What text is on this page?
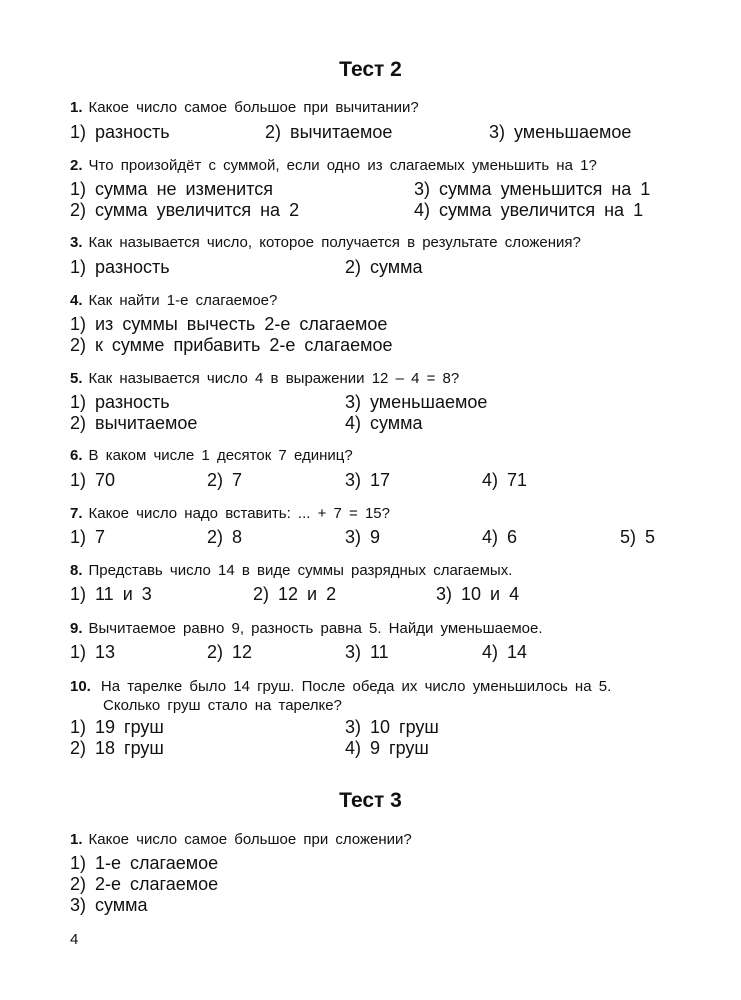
Тест 2
1. Какое число самое большое при вычитании?
1) разность	2) вычитаемое	3) уменьшаемое
2. Что произойдёт с суммой, если одно из слагаемых уменьшить на 1?
1) сумма не изменится	3) сумма уменьшится на 1
2) сумма увеличится на 2	4) сумма увеличится на 1
3. Как называется число, которое получается в результате сложения?
1) разность	2) сумма
4. Как найти 1-е слагаемое?
1) из суммы вычесть 2-е слагаемое
2) к сумме прибавить 2-е слагаемое
5. Как называется число 4 в выражении 12 – 4 = 8?
1) разность	3) уменьшаемое
2) вычитаемое	4) сумма
6. В каком числе 1 десяток 7 единиц?
1) 70	2) 7	3) 17	4) 71
7. Какое число надо вставить: ... + 7 = 15?
1) 7	2) 8	3) 9	4) 6	5) 5
8. Представь число 14 в виде суммы разрядных слагаемых.
1) 11 и 3	2) 12 и 2	3) 10 и 4
9. Вычитаемое равно 9, разность равна 5. Найди уменьшаемое.
1) 13	2) 12	3) 11	4) 14
10. На тарелке было 14 груш. После обеда их число уменьшилось на 5.
Сколько груш стало на тарелке?
1) 19 груш	3) 10 груш
2) 18 груш	4) 9 груш
Тест 3
1. Какое число самое большое при сложении?
1) 1-е слагаемое
2) 2-е слагаемое
3) сумма
4
